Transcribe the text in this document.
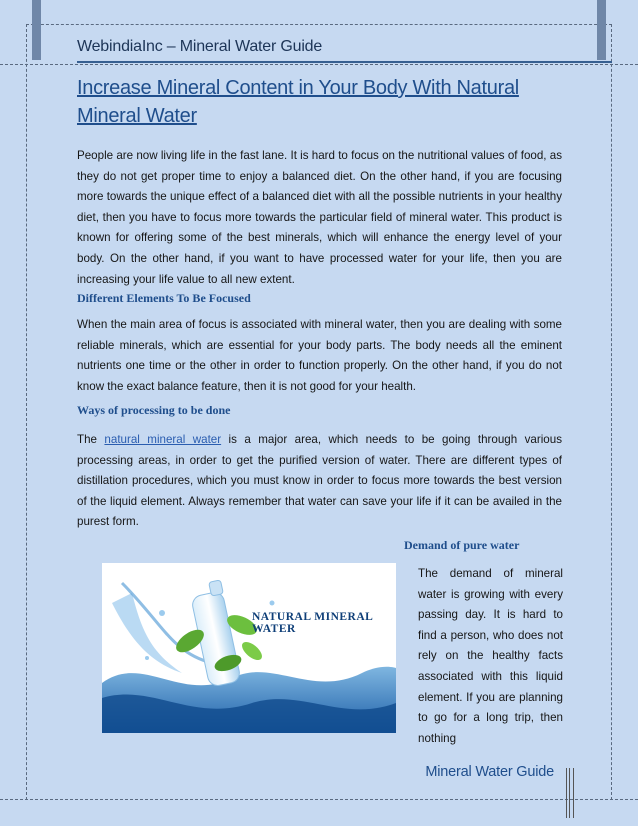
WebindiaInc – Mineral Water Guide
Increase Mineral Content in Your Body With Natural Mineral Water
People are now living life in the fast lane. It is hard to focus on the nutritional values of food, as they do not get proper time to enjoy a balanced diet. On the other hand, if you are focusing more towards the unique effect of a balanced diet with all the possible nutrients in your healthy diet, then you have to focus more towards the particular field of mineral water. This product is known for offering some of the best minerals, which will enhance the energy level of your body. On the other hand, if you want to have processed water for your life, then you are increasing your life value to all new extent.
Different Elements To Be Focused
When the main area of focus is associated with mineral water, then you are dealing with some reliable minerals, which are essential for your body parts. The body needs all the eminent nutrients one time or the other in order to function properly. On the other hand, if you do not know the exact balance feature, then it is not good for your health.
Ways of processing to be done
The natural mineral water is a major area, which needs to be going through various processing areas, in order to get the purified version of water. There are different types of distillation procedures, which you must know in order to focus more towards the best version of the liquid element. Always remember that water can save your life if it can be availed in the purest form.
Demand of pure water
NATURAL MINERAL WATER
The demand of mineral water is growing with every passing day. It is hard to find a person, who does not rely on the healthy facts associated with this liquid element. If you are planning to go for a long trip, then nothing
Mineral Water Guide
